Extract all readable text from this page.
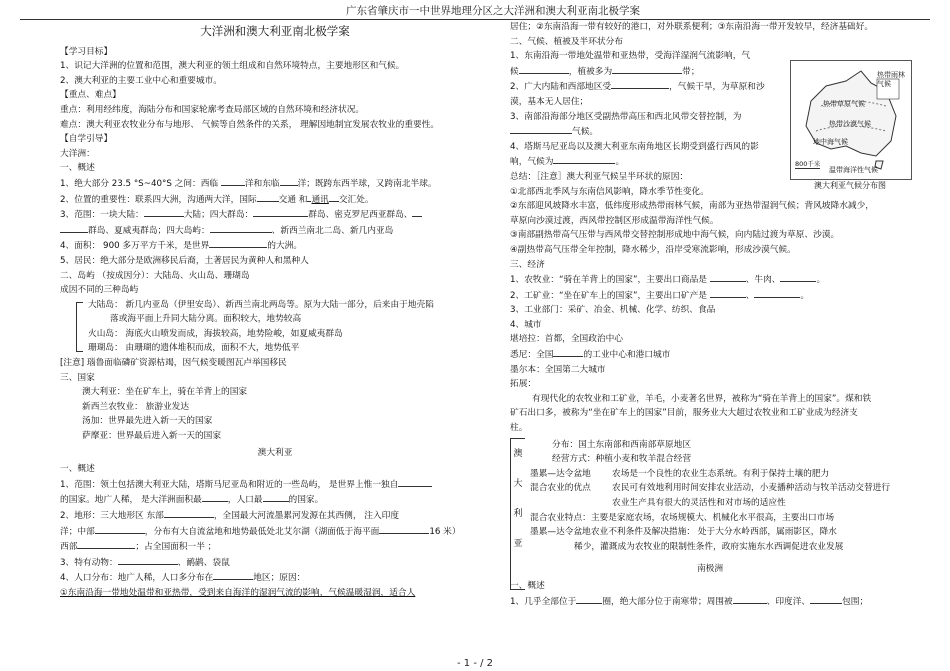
广东省肇庆市一中世界地理分区之大洋洲和澳大利亚南北极学案
大洋洲和澳大利亚南北极学案
【学习目标】
1、识记大洋洲的位置和范围，澳大利亚的领土组成和自然环境特点，主要地形区和气候。
2、澳大利亚的主要工业中心和重要城市。
【重点、难点】
重点：利用经纬度，海陆分布和国家轮廓考查局部区域的自然环境和经济状况。
难点：澳大利亚农牧业分布与地形、 气候等自然条件的关系， 理解因地制宜发展农牧业的重要性。
【自学引导】
大洋洲：
一、概述
1、绝大部分 23.5 °S~40°S 之间：西临	洋和东临 洋；既跨东西半球，又跨南北半球。
2、位置的重要性：联系四大洲，沟通两大洋，国际	交通 和 通讯 交汇处。
3、范围：一块大陆：	大陆；四大群岛：	群岛、密克罗尼西亚群岛、
群岛、夏威夷群岛；四大岛屿：	、新西兰南北二岛、新几内亚岛
4、面积： 900 多万平方千米，是世界	的大洲。
5、居民：绝大部分是欧洲移民后裔，土著居民为黄种人和黑种人
二、岛屿 （按成因分）：大陆岛、火山岛、珊瑚岛
成因不同的三种岛屿
大陆岛： 新几内亚岛（伊里安岛）、新西兰南北两岛等。原为大陆一部分，后来由于地壳陷
落或海平面上升同大陆分离。面积较大，地势较高
火山岛： 海底火山喷发而成，海拔较高，地势险峻，如夏威夷群岛
珊瑚岛： 由珊瑚的遗体堆积而成，面积不大，地势低平
[注意] 瑙鲁面临磷矿资源枯竭，因气候变暖图瓦卢举国移民
三、国家
澳大利亚：坐在矿车上，骑在羊背上的国家
新西兰农牧业： 旅游业发达
汤加：世界最先进入新一天的国家
萨摩亚：世界最后进入新一天的国家
澳大利亚
一、概述
1、范围：领土包括澳大利亚大陆，塔斯马尼亚岛和附近的一些岛屿， 是世界上惟一独自
的国家。地广人稀， 是大洋洲面积最	，人口最	的国家。
2、地形：三大地形区 东部	，全国最大河流墨累河发源在其西侧， 注入印度
洋；中部	，分布有大自流盆地和地势最低处北艾尔湖（湖面低于海平面	16 米）
西部	；占全国面积一半 ；
3、特有动物：	、鸸鹋、袋鼠
4、人口分布：地广人稀，人口多分布在	地区；原因：
①东南沿海一带地处温带和亚热带，受到来自海洋的湿润气流的影响，气候温暖湿润，适合人
居住；②东南沿海一带有较好的港口，对外联系便利；③东南沿海一带开发较早，经济基础好。
二、气候、植被及半环状分布
1、东南沿海一带地处温带和亚热带，受海洋湿润气流影响，气
候	，植被多为	带；
2、广大内陆和西部地区受	，气候干旱，为草原和沙
漠，基本无人居住；
3、南部沿海部分地区受副热带高压和西北风带交替控制，为
气候。
4、塔斯马尼亚岛以及澳大利亚东南角地区长期受到盛行西风的影
响，气候为	。
总结：［注意］澳大利亚气候呈半环状的原因：
①北部西北季风与东南信风影响，降水季节性变化。
②东部迎风坡降水丰富，低纬度形成热带雨林气候，南部为亚热带湿润气候；背风坡降水减少，
草原向沙漠过渡，西风带控制区形成温带海洋性气候。
③南部副热带高气压带与西风带交替控制形成地中海气候，向内陆过渡为草原、沙漠。
④副热带高气压带全年控制，降水稀少，沿岸受寒流影响，形成沙漠气候。
三、经济
1、农牧业：“骑在羊背上的国家”，主要出口商品是	、牛肉、	。
2、工矿业：“坐在矿车上的国家”，主要出口矿产是	、	。
3、工业部门：采矿、冶金、机械、化学、纺织、食品
4、城市
堪培拉：首都，全国政治中心
悉尼：全国	的工业中心和港口城市
墨尔本：全国第二大城市
拓展：
有现代化的农牧业和工矿业，羊毛，小麦著名世界，被称为“骑在羊背上的国家”。煤和铁
矿石出口多，被称为“坐在矿车上的国家”目前，服务业大大超过农牧业和工矿业成为经济支
柱。
澳 大 利 亚
分布：国土东南部和西南部草原地区
经营方式：种植小麦和牧羊混合经营
墨累—达令盆地 农场是一个良性的农业生态系统。有利于保持土壤的肥力
混合农业的优点 农民可有效地利用时间安排农业活动，小麦播种活动与牧羊活动交替进行
农业生产具有很大的灵活性和对市场的适应性
混合农业特点：主要是家庭农场，农场规模大、机械化水平很高，主要出口市场
墨累—达令盆地农业不利条件及解决措施： 处于大分水岭西部，属雨影区，降水
稀少，灌溉成为农牧业的限制性条件，政府实施东水西调促进农业发展
南极洲
一、概述
1、几乎全部位于	圈，绝大部分位于南寒带；周围被	、印度洋、	包围；
热带雨林气候
热带草原气候
热带沙漠气候
地中海气候
温带海洋性气候
800千米
澳大利亚气候分布图
- 1 - / 2
